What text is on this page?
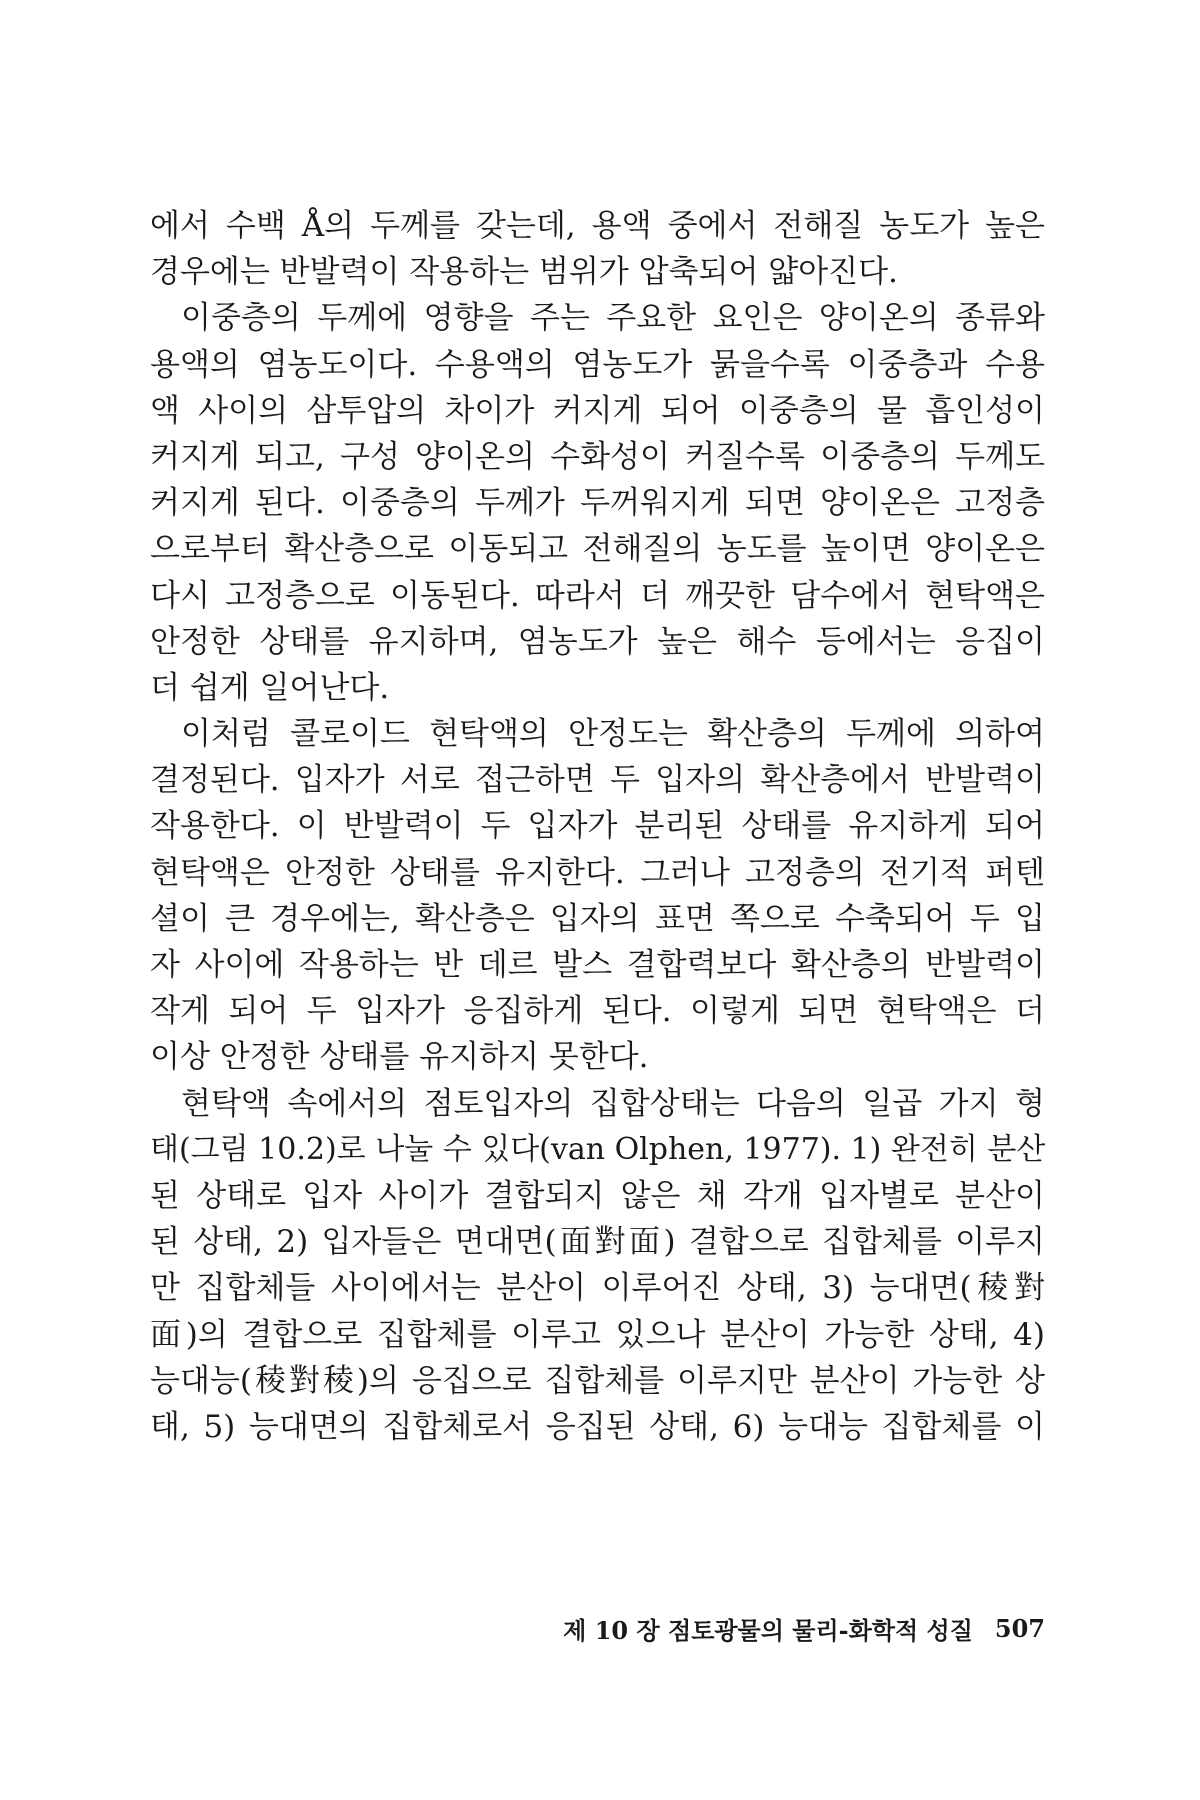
에서 수백 Å의 두께를 갖는데, 용액 중에서 전해질 농도가 높은
경우에는 반발력이 작용하는 범위가 압축되어 얇아진다.
이중층의 두께에 영향을 주는 주요한 요인은 양이온의 종류와
용액의 염농도이다. 수용액의 염농도가 묽을수록 이중층과 수용
액 사이의 삼투압의 차이가 커지게 되어 이중층의 물 흡인성이
커지게 되고, 구성 양이온의 수화성이 커질수록 이중층의 두께도
커지게 된다. 이중층의 두께가 두꺼워지게 되면 양이온은 고정층
으로부터 확산층으로 이동되고 전해질의 농도를 높이면 양이온은
다시 고정층으로 이동된다. 따라서 더 깨끗한 담수에서 현탁액은
안정한 상태를 유지하며, 염농도가 높은 해수 등에서는 응집이
더 쉽게 일어난다.
이처럼 콜로이드 현탁액의 안정도는 확산층의 두께에 의하여
결정된다. 입자가 서로 접근하면 두 입자의 확산층에서 반발력이
작용한다. 이 반발력이 두 입자가 분리된 상태를 유지하게 되어
현탁액은 안정한 상태를 유지한다. 그러나 고정층의 전기적 퍼텐
셜이 큰 경우에는, 확산층은 입자의 표면 쪽으로 수축되어 두 입
자 사이에 작용하는 반 데르 발스 결합력보다 확산층의 반발력이
작게 되어 두 입자가 응집하게 된다. 이렇게 되면 현탁액은 더
이상 안정한 상태를 유지하지 못한다.
현탁액 속에서의 점토입자의 집합상태는 다음의 일곱 가지 형
태(그림 10.2)로 나눌 수 있다(van Olphen, 1977). 1) 완전히 분산
된 상태로 입자 사이가 결합되지 않은 채 각개 입자별로 분산이
된 상태, 2) 입자들은 면대면(面對面) 결합으로 집합체를 이루지
만 집합체들 사이에서는 분산이 이루어진 상태, 3) 능대면(稜對
面)의 결합으로 집합체를 이루고 있으나 분산이 가능한 상태, 4)
능대능(稜對稜)의 응집으로 집합체를 이루지만 분산이 가능한 상
태, 5) 능대면의 집합체로서 응집된 상태, 6) 능대능 집합체를 이
제 10 장 점토광물의 물리-화학적 성질 507
